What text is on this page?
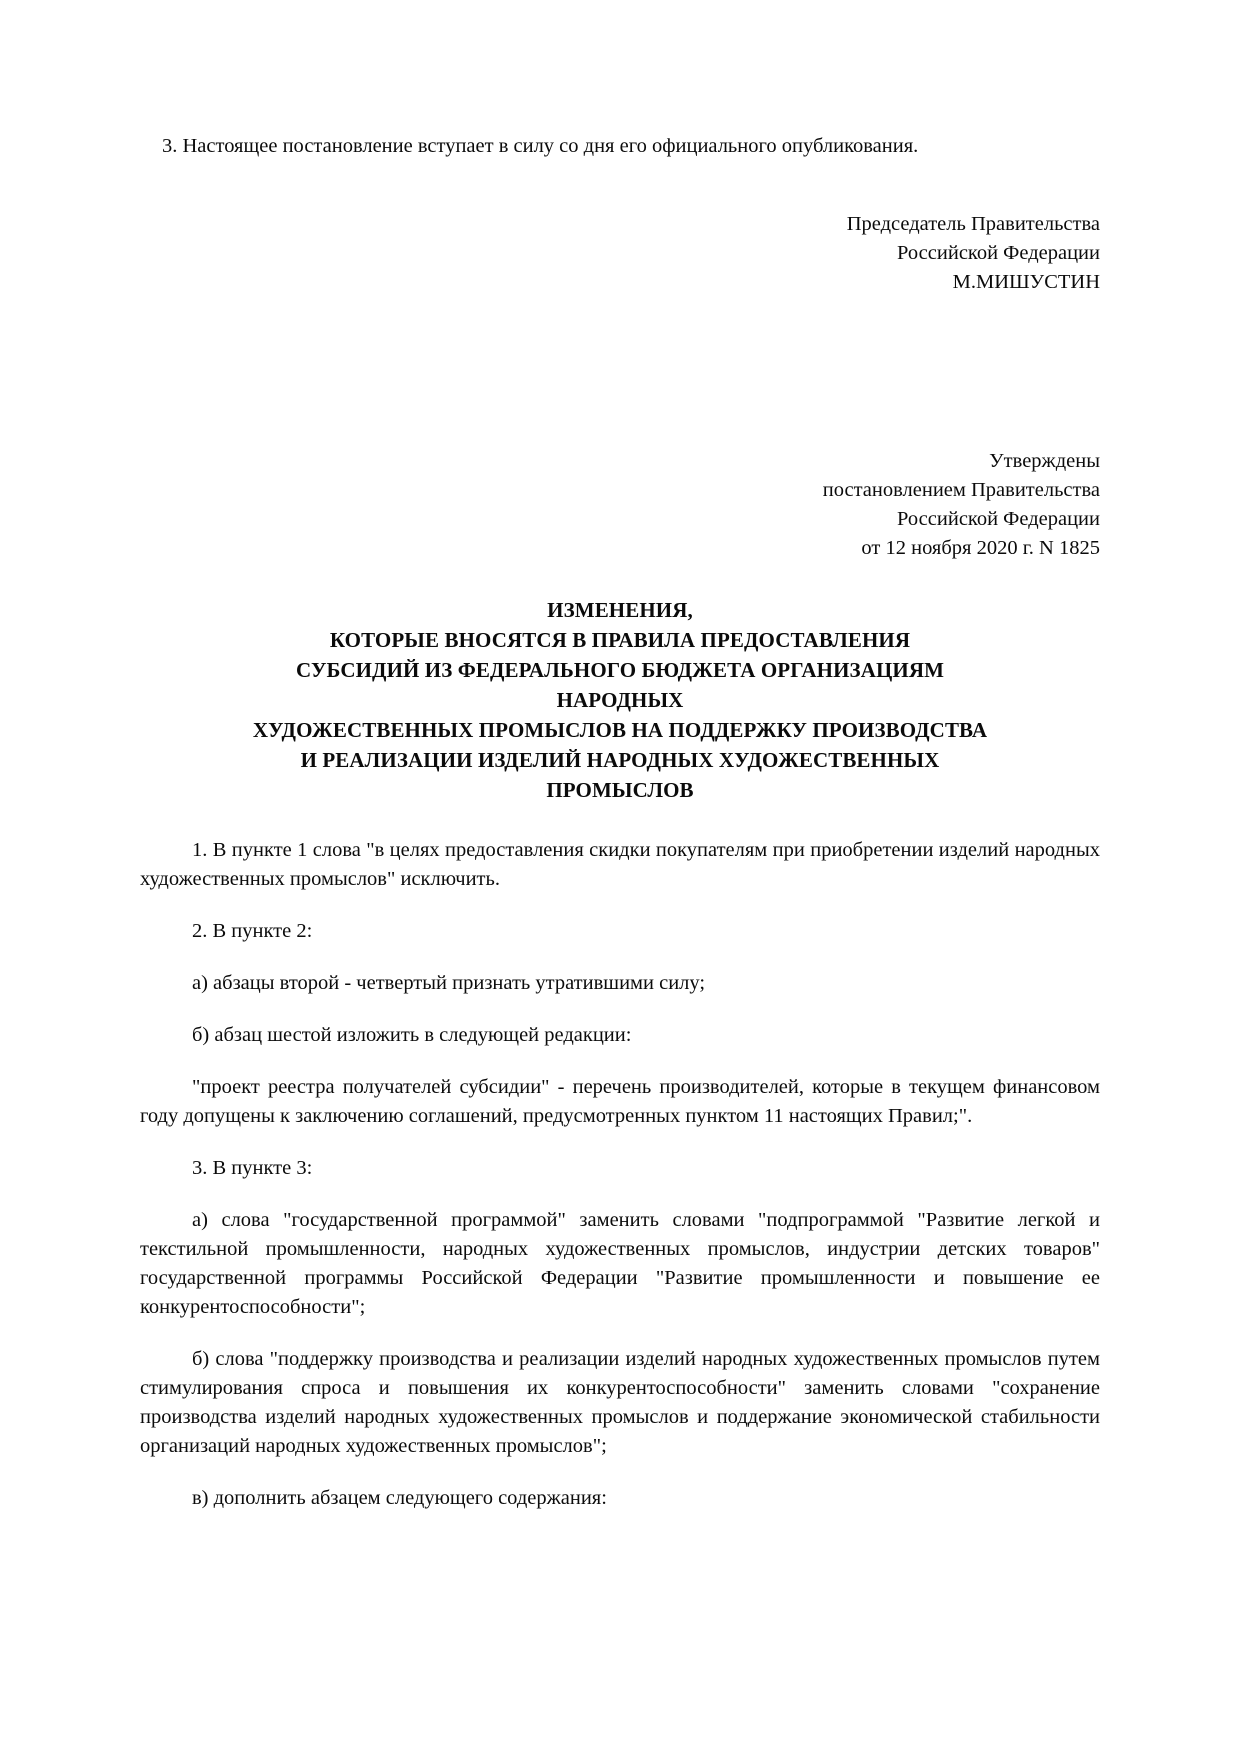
3. Настоящее постановление вступает в силу со дня его официального опубликования.

Председатель Правительства
Российской Федерации
М.МИШУСТИН
Утверждены
постановлением Правительства
Российской Федерации
от 12 ноября 2020 г. N 1825
ИЗМЕНЕНИЯ,
КОТОРЫЕ ВНОСЯТСЯ В ПРАВИЛА ПРЕДОСТАВЛЕНИЯ
СУБСИДИЙ ИЗ ФЕДЕРАЛЬНОГО БЮДЖЕТА ОРГАНИЗАЦИЯМ
НАРОДНЫХ
ХУДОЖЕСТВЕННЫХ ПРОМЫСЛОВ НА ПОДДЕРЖКУ ПРОИЗВОДСТВА
И РЕАЛИЗАЦИИ ИЗДЕЛИЙ НАРОДНЫХ ХУДОЖЕСТВЕННЫХ
ПРОМЫСЛОВ

1. В пункте 1 слова "в целях предоставления скидки покупателям при приобретении изделий народных художественных промыслов" исключить.

2. В пункте 2:

а) абзацы второй - четвертый признать утратившими силу;

б) абзац шестой изложить в следующей редакции:

"проект реестра получателей субсидии" - перечень производителей, которые в текущем финансовом году допущены к заключению соглашений, предусмотренных пунктом 11 настоящих Правил;".

3. В пункте 3:

а) слова "государственной программой" заменить словами "подпрограммой "Развитие легкой и текстильной промышленности, народных художественных промыслов, индустрии детских товаров" государственной программы Российской Федерации "Развитие промышленности и повышение ее конкурентоспособности";

б) слова "поддержку производства и реализации изделий народных художественных промыслов путем стимулирования спроса и повышения их конкурентоспособности" заменить словами "сохранение производства изделий народных художественных промыслов и поддержание экономической стабильности организаций народных художественных промыслов";

в) дополнить абзацем следующего содержания:
